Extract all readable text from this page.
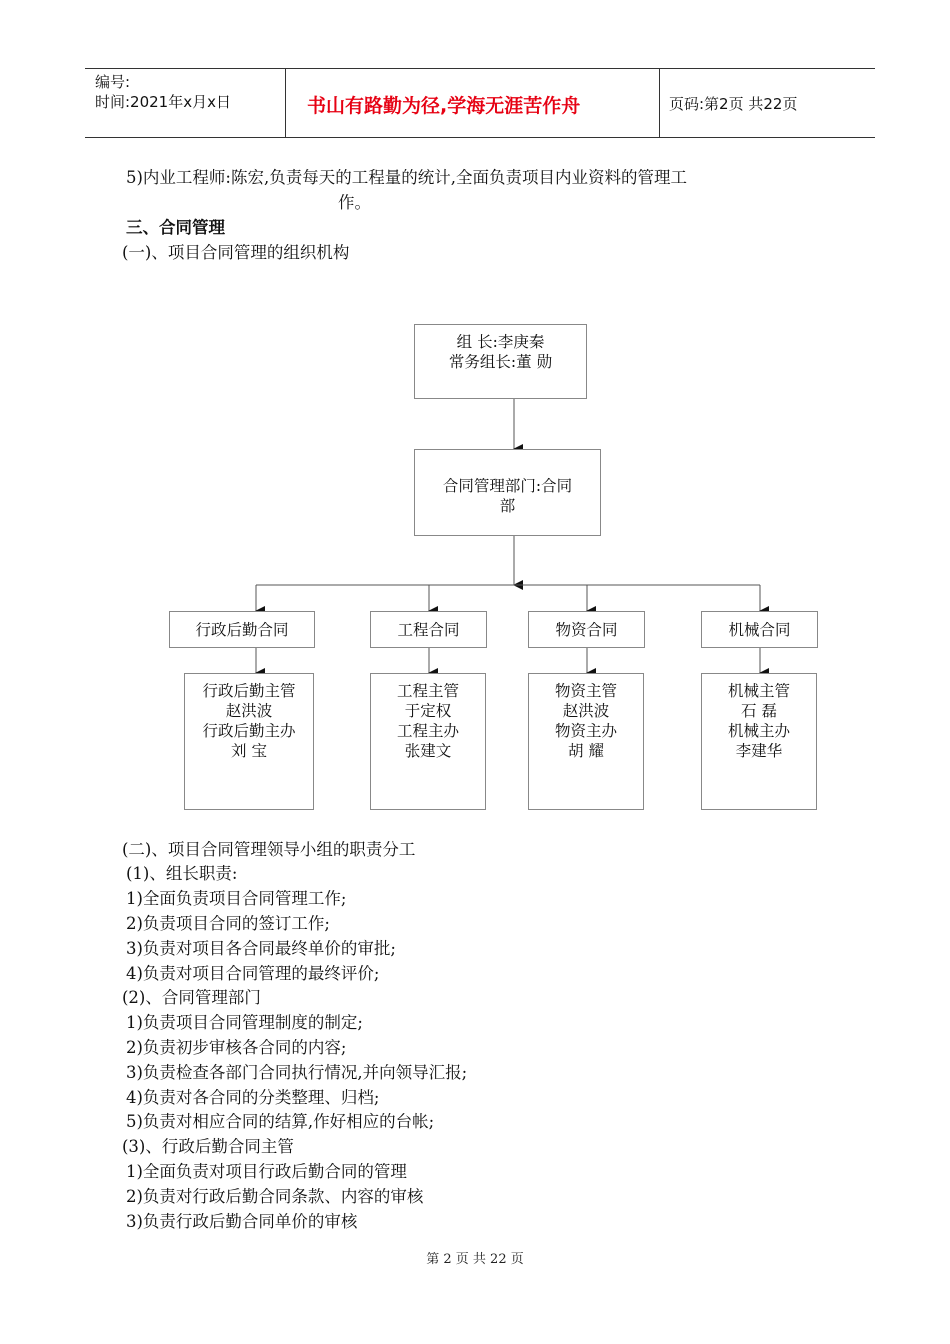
编号:
时间:2021年x月x日	书山有路勤为径,学海无涯苦作舟	页码:第2页 共22页
5)内业工程师:陈宏,负责每天的工程量的统计,全面负责项目内业资料的管理工
作。
三、合同管理
(一)、项目合同管理的组织机构
组 长:李庚秦
常务组长:董 勋
合同管理部门:合同
部
行政后勤合同	工程合同	物资合同	机械合同
行政后勤主管
赵洪波
行政后勤主办
刘 宝
工程主管
于定权
工程主办
张建文
物资主管
赵洪波
物资主办
胡 耀
机械主管
石 磊
机械主办
李建华
(二)、项目合同管理领导小组的职责分工
(1)、组长职责:
1)全面负责项目合同管理工作;
2)负责项目合同的签订工作;
3)负责对项目各合同最终单价的审批;
4)负责对项目合同管理的最终评价;
(2)、合同管理部门
1)负责项目合同管理制度的制定;
2)负责初步审核各合同的内容;
3)负责检查各部门合同执行情况,并向领导汇报;
4)负责对各合同的分类整理、归档;
5)负责对相应合同的结算,作好相应的台帐;
(3)、行政后勤合同主管
1)全面负责对项目行政后勤合同的管理
2)负责对行政后勤合同条款、内容的审核
3)负责行政后勤合同单价的审核
第 2 页 共 22 页
